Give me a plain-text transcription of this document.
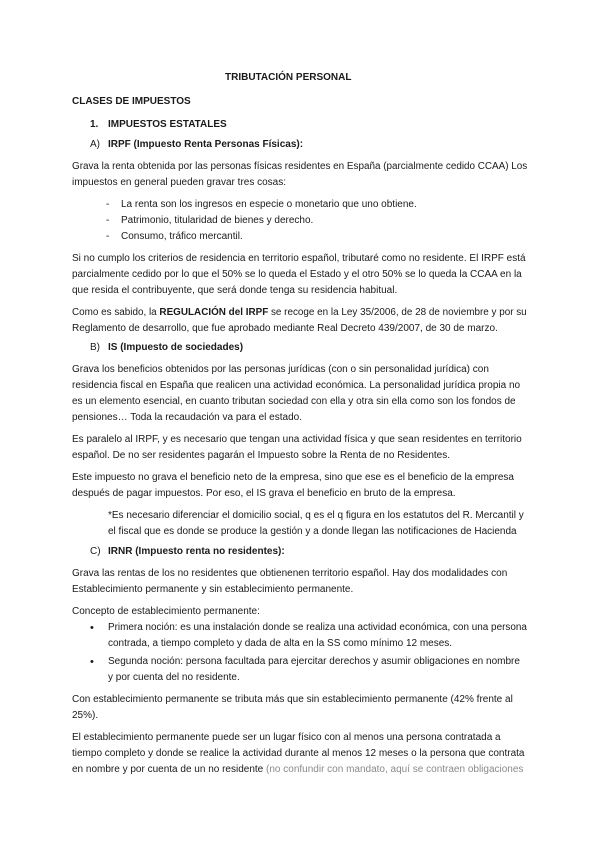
TRIBUTACIÓN PERSONAL
CLASES DE IMPUESTOS
1. IMPUESTOS ESTATALES
A) IRPF (Impuesto Renta Personas Físicas):
Grava la renta obtenida por las personas físicas residentes en España (parcialmente cedido CCAA) Los
impuestos en general pueden gravar tres cosas:
- La renta son los ingresos en especie o monetario que uno obtiene.
- Patrimonio, titularidad de bienes y derecho.
- Consumo, tráfico mercantil.
Si no cumplo los criterios de residencia en territorio español, tributaré como no residente. El IRPF está
parcialmente cedido por lo que el 50% se lo queda el Estado y el otro 50% se lo queda la CCAA en la
que resida el contribuyente, que será donde tenga su residencia habitual.
Como es sabido, la REGULACIÓN del IRPF se recoge en la Ley 35/2006, de 28 de noviembre y por su
Reglamento de desarrollo, que fue aprobado mediante Real Decreto 439/2007, de 30 de marzo.
B) IS (Impuesto de sociedades)
Grava los beneficios obtenidos por las personas jurídicas (con o sin personalidad jurídica) con
residencia fiscal en España que realicen una actividad económica. La personalidad jurídica propia no
es un elemento esencial, en cuanto tributan sociedad con ella y otra sin ella como son los fondos de
pensiones… Toda la recaudación va para el estado.
Es paralelo al IRPF, y es necesario que tengan una actividad física y que sean residentes en territorio
español. De no ser residentes pagarán el Impuesto sobre la Renta de no Residentes.
Este impuesto no grava el beneficio neto de la empresa, sino que ese es el beneficio de la empresa
después de pagar impuestos. Por eso, el IS grava el beneficio en bruto de la empresa.
*Es necesario diferenciar el domicilio social, q es el q figura en los estatutos del R. Mercantil y
el fiscal que es donde se produce la gestión y a donde llegan las notificaciones de Hacienda
C) IRNR (Impuesto renta no residentes):
Grava las rentas de los no residentes que obtienenen territorio español. Hay dos modalidades con
Establecimiento permanente y sin establecimiento permanente.
Concepto de establecimiento permanente:
• Primera noción: es una instalación donde se realiza una actividad económica, con una persona
contrada, a tiempo completo y dada de alta en la SS como mínimo 12 meses.
• Segunda noción: persona facultada para ejercitar derechos y asumir obligaciones en nombre
y por cuenta del no residente.
Con establecimiento permanente se tributa más que sin establecimiento permanente (42% frente al
25%).
El establecimiento permanente puede ser un lugar físico con al menos una persona contratada a
tiempo completo y donde se realice la actividad durante al menos 12 meses o la persona que contrata
en nombre y por cuenta de un no residente (no confundir con mandato, aquí se contraen obligaciones
